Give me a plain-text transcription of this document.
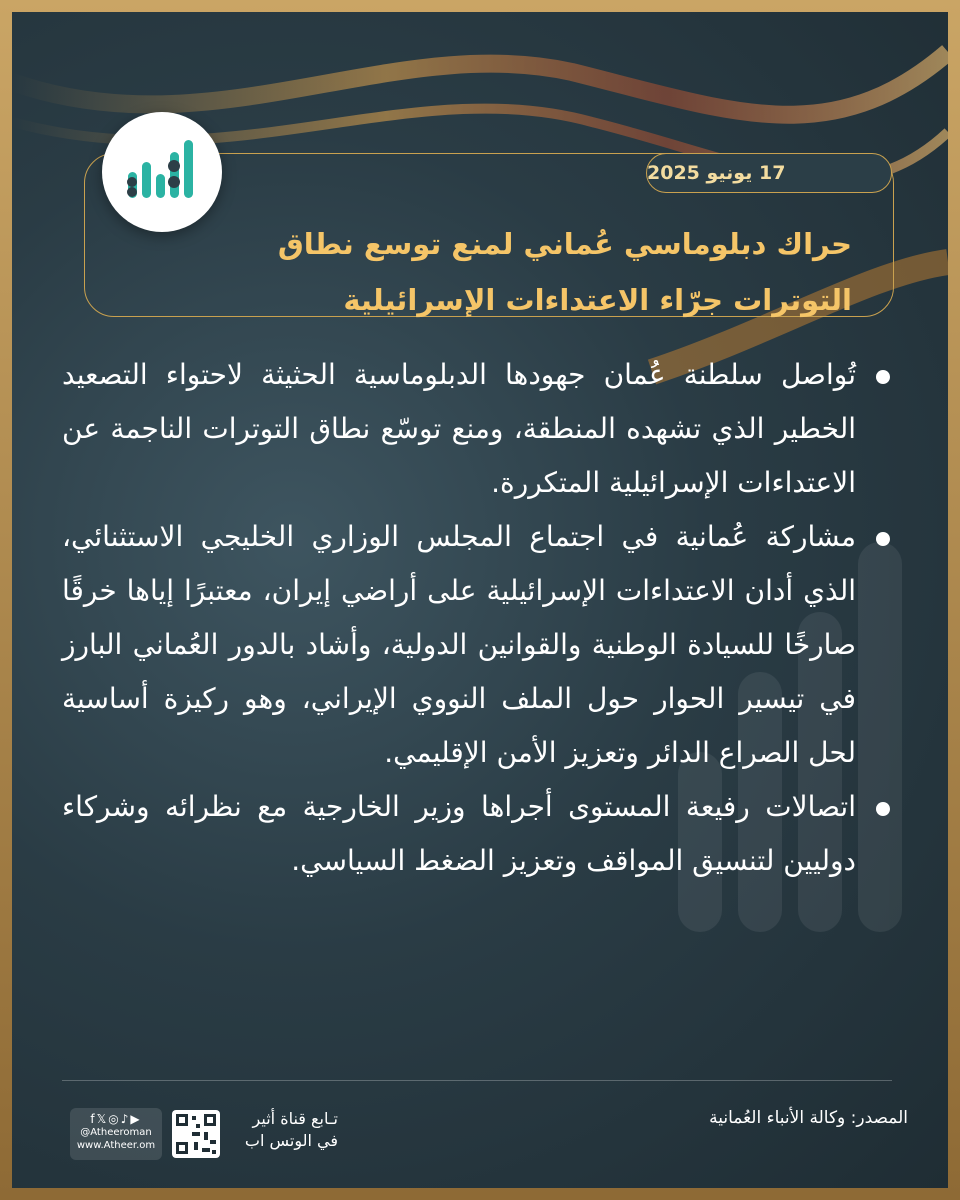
17 يونيو 2025
حراك دبلوماسي عُماني لمنع توسع نطاق
التوترات جرّاء الاعتداءات الإسرائيلية
تُواصل سلطنة عُمان جهودها الدبلوماسية الحثيثة لاحتواء التصعيد الخطير الذي تشهده المنطقة، ومنع توسّع نطاق التوترات الناجمة عن الاعتداءات الإسرائيلية المتكررة.
مشاركة عُمانية في اجتماع المجلس الوزاري الخليجي الاستثنائي، الذي أدان الاعتداءات الإسرائيلية على أراضي إيران، معتبرًا إياها خرقًا صارخًا للسيادة الوطنية والقوانين الدولية، وأشاد بالدور العُماني البارز في تيسير الحوار حول الملف النووي الإيراني، وهو ركيزة أساسية لحل الصراع الدائر وتعزيز الأمن الإقليمي.
اتصالات رفيعة المستوى أجراها وزير الخارجية مع نظرائه وشركاء دوليين لتنسيق المواقف وتعزيز الضغط السياسي.
المصدر: وكالة الأنباء العُمانية
تـابع قناة أثير
في الوتس اب
f𝕏◎♪▶
@Atheeroman
www.Atheer.om
